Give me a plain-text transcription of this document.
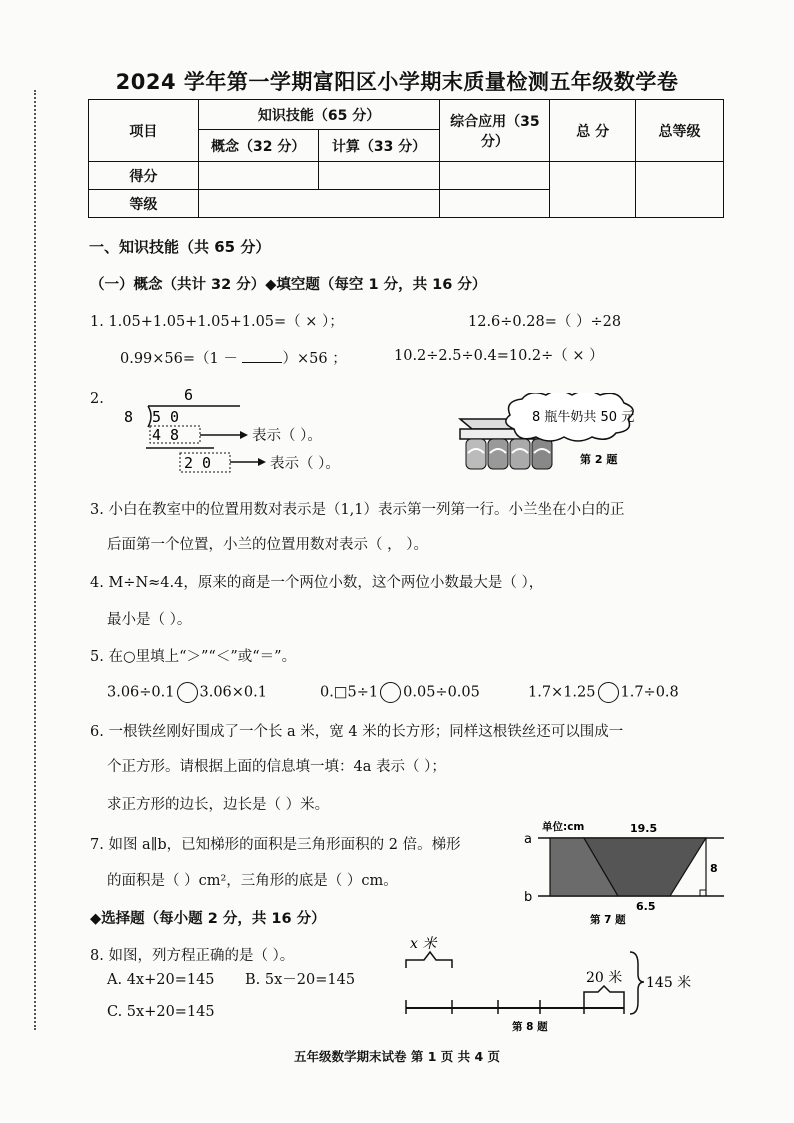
2024 学年第一学期富阳区小学期末质量检测五年级数学卷
项目	知识技能（65 分）		综合应用（35 分）	总 分	总等级
	概念（32 分）	计算（33 分）			
得分					
等级					
一、知识技能（共 65 分）
（一）概念（共计 32 分）◆填空题（每空 1 分，共 16 分）
1. 1.05+1.05+1.05+1.05=（ × ）；	12.6÷0.28=（ ）÷28
0.99×56=（1 －	）×56 ；	10.2÷2.5÷0.4=10.2÷（ × ）
2.	6
8 5 0
4 8
2 0
表示（ ）。
表示（ ）。
8 瓶牛奶共 50 元
第 2 题
3. 小白在教室中的位置用数对表示是（1,1）表示第一列第一行。小兰坐在小白的正
后面第一个位置，小兰的位置用数对表示（ ， ）。
4. M÷N≈4.4，原来的商是一个两位小数，这个两位小数最大是（ ），
最小是（ ）。
5. 在○里填上“＞”“＜”或“＝”。
3.06÷0.1 3.06×0.1	0.□5÷1 0.05÷0.05	1.7×1.25 1.7÷0.8
6. 一根铁丝刚好围成了一个长 a 米，宽 4 米的长方形；同样这根铁丝还可以围成一
个正方形。请根据上面的信息填一填：4a 表示（ ）；
求正方形的边长，边长是（ ）米。
7. 如图 a∥b，已知梯形的面积是三角形面积的 2 倍。梯形
的面积是（ ）cm²，三角形的底是（ ）cm。
单位:cm	19.5
a
b
8
6.5
第 7 题
◆选择题（每小题 2 分，共 16 分）
8. 如图，列方程正确的是（ ）。
A. 4x+20=145 B. 5x－20=145
C. 5x+20=145
x 米
20 米 145 米
第 8 题
五年级数学期末试卷 第 1 页 共 4 页
